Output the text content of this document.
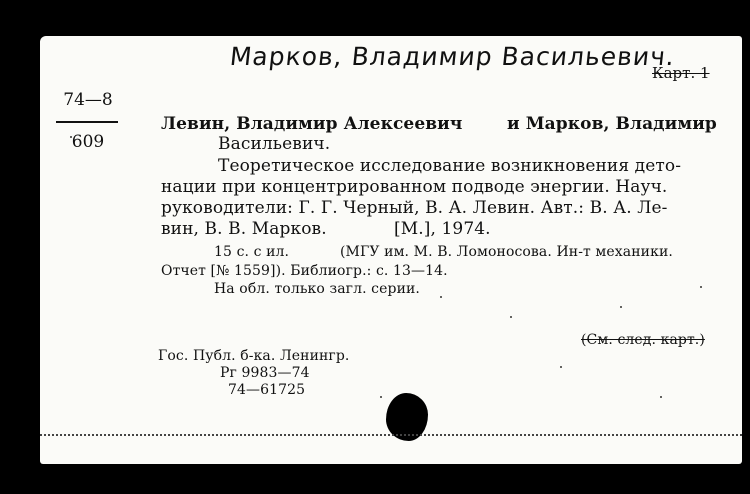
Марков, Владимир Васильевич.
Карт. 1
74—8
609
Левин, Владимир Алексеевич	и Марков, Владимир
Васильевич.
Теоретическое исследование возникновения дето-
нации при концентрированном подводе энергии. Науч.
руководители: Г. Г. Черный, В. А. Левин. Авт.: В. А. Ле-
вин, В. В. Марков.	[М.], 1974.
15 с. с ил.	(МГУ им. М. В. Ломоносова. Ин-т механики.
Отчет [№ 1559]). Библиогр.: с. 13—14.
На обл. только загл. серии.
(См. след. карт.)
Гос. Публ. б-ка. Ленингр.
Рг 9983—74
74—61725
